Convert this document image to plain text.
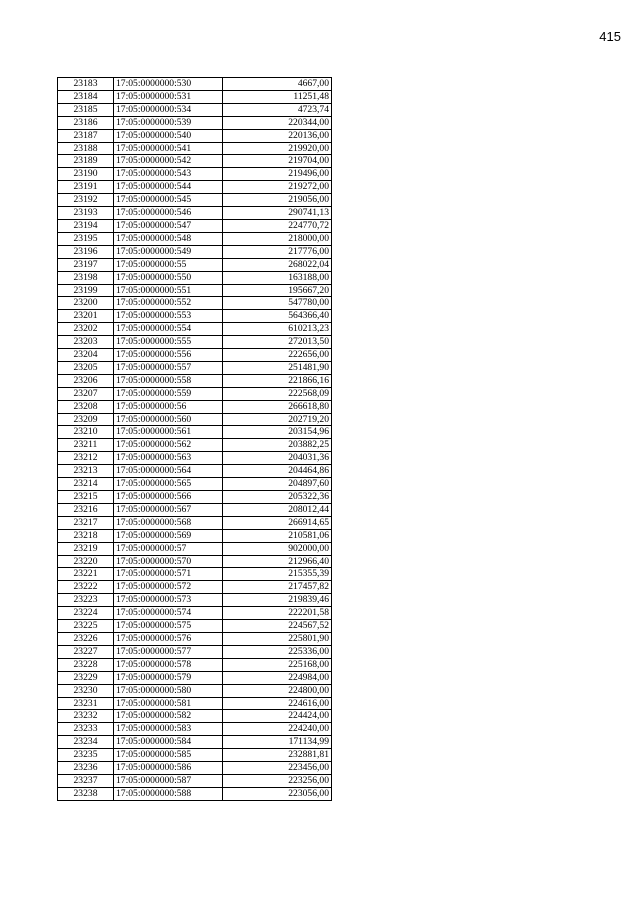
415
23183	17:05:0000000:530	4667,00
23184	17:05:0000000:531	11251,48
23185	17:05:0000000:534	4723,74
23186	17:05:0000000:539	220344,00
23187	17:05:0000000:540	220136,00
23188	17:05:0000000:541	219920,00
23189	17:05:0000000:542	219704,00
23190	17:05:0000000:543	219496,00
23191	17:05:0000000:544	219272,00
23192	17:05:0000000:545	219056,00
23193	17:05:0000000:546	290741,13
23194	17:05:0000000:547	224770,72
23195	17:05:0000000:548	218000,00
23196	17:05:0000000:549	217776,00
23197	17:05:0000000:55	268022,04
23198	17:05:0000000:550	163188,00
23199	17:05:0000000:551	195667,20
23200	17:05:0000000:552	547780,00
23201	17:05:0000000:553	564366,40
23202	17:05:0000000:554	610213,23
23203	17:05:0000000:555	272013,50
23204	17:05:0000000:556	222656,00
23205	17:05:0000000:557	251481,90
23206	17:05:0000000:558	221866,16
23207	17:05:0000000:559	222568,09
23208	17:05:0000000:56	266618,80
23209	17:05:0000000:560	202719,20
23210	17:05:0000000:561	203154,96
23211	17:05:0000000:562	203882,25
23212	17:05:0000000:563	204031,36
23213	17:05:0000000:564	204464,86
23214	17:05:0000000:565	204897,60
23215	17:05:0000000:566	205322,36
23216	17:05:0000000:567	208012,44
23217	17:05:0000000:568	266914,65
23218	17:05:0000000:569	210581,06
23219	17:05:0000000:57	902000,00
23220	17:05:0000000:570	212966,40
23221	17:05:0000000:571	215355,39
23222	17:05:0000000:572	217457,82
23223	17:05:0000000:573	219839,46
23224	17:05:0000000:574	222201,58
23225	17:05:0000000:575	224567,52
23226	17:05:0000000:576	225801,90
23227	17:05:0000000:577	225336,00
23228	17:05:0000000:578	225168,00
23229	17:05:0000000:579	224984,00
23230	17:05:0000000:580	224800,00
23231	17:05:0000000:581	224616,00
23232	17:05:0000000:582	224424,00
23233	17:05:0000000:583	224240,00
23234	17:05:0000000:584	171134,99
23235	17:05:0000000:585	232881,81
23236	17:05:0000000:586	223456,00
23237	17:05:0000000:587	223256,00
23238	17:05:0000000:588	223056,00
